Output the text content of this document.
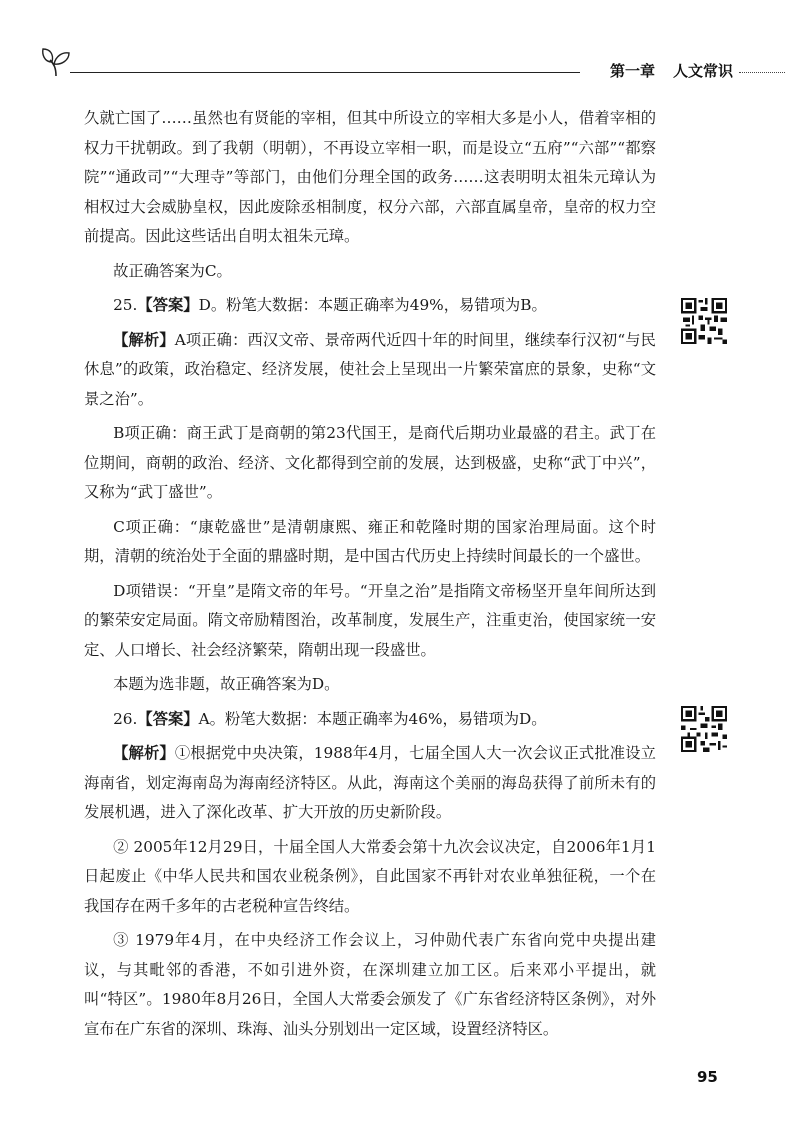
第一章 人文常识

久就亡国了……虽然也有贤能的宰相，但其中所设立的宰相大多是小人，借着宰相的权力干扰朝政。到了我朝（明朝），不再设立宰相一职，而是设立“五府”“六部”“都察院”“通政司”“大理寺”等部门，由他们分理全国的政务……这表明明太祖朱元璋认为相权过大会威胁皇权，因此废除丞相制度，权分六部，六部直属皇帝，皇帝的权力空前提高。因此这些话出自明太祖朱元璋。

故正确答案为C。

25.【答案】D。粉笔大数据：本题正确率为49%，易错项为B。

【解析】A项正确：西汉文帝、景帝两代近四十年的时间里，继续奉行汉初“与民休息”的政策，政治稳定、经济发展，使社会上呈现出一片繁荣富庶的景象，史称“文景之治”。

B项正确：商王武丁是商朝的第23代国王，是商代后期功业最盛的君主。武丁在位期间，商朝的政治、经济、文化都得到空前的发展，达到极盛，史称“武丁中兴”，又称为“武丁盛世”。

C项正确：“康乾盛世”是清朝康熙、雍正和乾隆时期的国家治理局面。这个时期，清朝的统治处于全面的鼎盛时期，是中国古代历史上持续时间最长的一个盛世。

D项错误：“开皇”是隋文帝的年号。“开皇之治”是指隋文帝杨坚开皇年间所达到的繁荣安定局面。隋文帝励精图治，改革制度，发展生产，注重吏治，使国家统一安定、人口增长、社会经济繁荣，隋朝出现一段盛世。

本题为选非题，故正确答案为D。

26.【答案】A。粉笔大数据：本题正确率为46%，易错项为D。

【解析】①根据党中央决策，1988年4月，七届全国人大一次会议正式批准设立海南省，划定海南岛为海南经济特区。从此，海南这个美丽的海岛获得了前所未有的发展机遇，进入了深化改革、扩大开放的历史新阶段。

② 2005年12月29日，十届全国人大常委会第十九次会议决定，自2006年1月1日起废止《中华人民共和国农业税条例》，自此国家不再针对农业单独征税，一个在我国存在两千多年的古老税种宣告终结。

③ 1979年4月，在中央经济工作会议上，习仲勋代表广东省向党中央提出建议，与其毗邻的香港，不如引进外资，在深圳建立加工区。后来邓小平提出，就叫“特区”。1980年8月26日，全国人大常委会颁发了《广东省经济特区条例》，对外宣布在广东省的深圳、珠海、汕头分别划出一定区域，设置经济特区。

95
